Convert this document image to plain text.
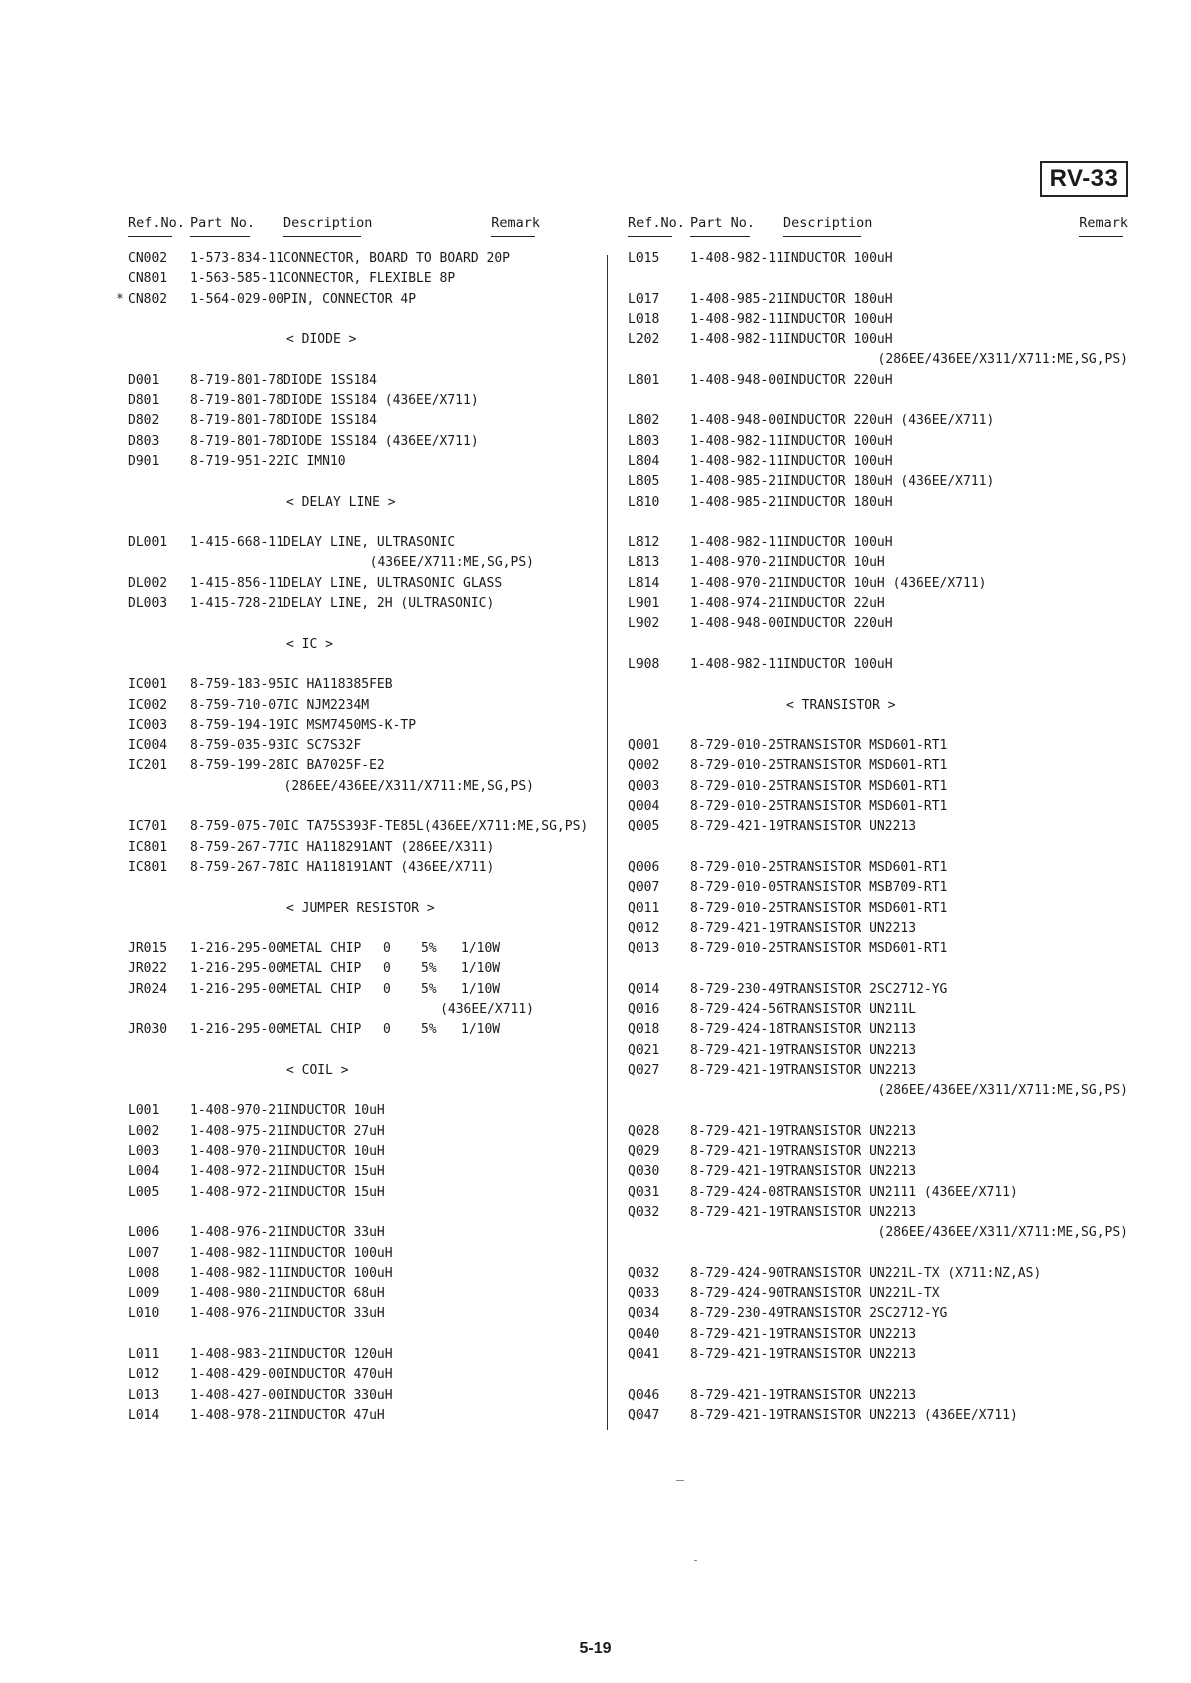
RV-33
Ref.No. Part No. Description	Remark
CN002	1-573-834-11 CONNECTOR, BOARD TO BOARD 20P
CN801	1-563-585-11 CONNECTOR, FLEXIBLE 8P
* CN802	1-564-029-00 PIN, CONNECTOR 4P
< DIODE >
D001	8-719-801-78 DIODE 1SS184
D801	8-719-801-78 DIODE 1SS184 (436EE/X711)
D802	8-719-801-78 DIODE 1SS184
D803	8-719-801-78 DIODE 1SS184 (436EE/X711)
D901	8-719-951-22 IC IMN10
< DELAY LINE >
DL001	1-415-668-11 DELAY LINE, ULTRASONIC
(436EE/X711:ME,SG,PS)
DL002	1-415-856-11 DELAY LINE, ULTRASONIC GLASS
DL003	1-415-728-21 DELAY LINE, 2H (ULTRASONIC)
< IC >
IC001	8-759-183-95 IC HA118385FEB
IC002	8-759-710-07 IC NJM2234M
IC003	8-759-194-19 IC MSM7450MS-K-TP
IC004	8-759-035-93 IC SC7S32F
IC201	8-759-199-28 IC BA7025F-E2
(286EE/436EE/X311/X711:ME,SG,PS)
IC701	8-759-075-70 IC TA75S393F-TE85L(436EE/X711:ME,SG,PS)
IC801	8-759-267-77 IC HA118291ANT (286EE/X311)
IC801	8-759-267-78 IC HA118191ANT (436EE/X711)
< JUMPER RESISTOR >
JR015	1-216-295-00 METAL CHIP 0 5% 1/10W
JR022	1-216-295-00 METAL CHIP 0 5% 1/10W
JR024	1-216-295-00 METAL CHIP 0 5% 1/10W
(436EE/X711)
JR030	1-216-295-00 METAL CHIP 0 5% 1/10W
< COIL >
L001	1-408-970-21 INDUCTOR 10uH
L002	1-408-975-21 INDUCTOR 27uH
L003	1-408-970-21 INDUCTOR 10uH
L004	1-408-972-21 INDUCTOR 15uH
L005	1-408-972-21 INDUCTOR 15uH
L006	1-408-976-21 INDUCTOR 33uH
L007	1-408-982-11 INDUCTOR 100uH
L008	1-408-982-11 INDUCTOR 100uH
L009	1-408-980-21 INDUCTOR 68uH
L010	1-408-976-21 INDUCTOR 33uH
L011	1-408-983-21 INDUCTOR 120uH
L012	1-408-429-00 INDUCTOR 470uH
L013	1-408-427-00 INDUCTOR 330uH
L014	1-408-978-21 INDUCTOR 47uH
Ref.No. Part No. Description	Remark
L015	1-408-982-11 INDUCTOR 100uH
L017	1-408-985-21 INDUCTOR 180uH
L018	1-408-982-11 INDUCTOR 100uH
L202	1-408-982-11 INDUCTOR 100uH
(286EE/436EE/X311/X711:ME,SG,PS)
L801	1-408-948-00 INDUCTOR 220uH
L802	1-408-948-00 INDUCTOR 220uH (436EE/X711)
L803	1-408-982-11 INDUCTOR 100uH
L804	1-408-982-11 INDUCTOR 100uH
L805	1-408-985-21 INDUCTOR 180uH (436EE/X711)
L810	1-408-985-21 INDUCTOR 180uH
L812	1-408-982-11 INDUCTOR 100uH
L813	1-408-970-21 INDUCTOR 10uH
L814	1-408-970-21 INDUCTOR 10uH (436EE/X711)
L901	1-408-974-21 INDUCTOR 22uH
L902	1-408-948-00 INDUCTOR 220uH
L908	1-408-982-11 INDUCTOR 100uH
< TRANSISTOR >
Q001	8-729-010-25 TRANSISTOR MSD601-RT1
Q002	8-729-010-25 TRANSISTOR MSD601-RT1
Q003	8-729-010-25 TRANSISTOR MSD601-RT1
Q004	8-729-010-25 TRANSISTOR MSD601-RT1
Q005	8-729-421-19 TRANSISTOR UN2213
Q006	8-729-010-25 TRANSISTOR MSD601-RT1
Q007	8-729-010-05 TRANSISTOR MSB709-RT1
Q011	8-729-010-25 TRANSISTOR MSD601-RT1
Q012	8-729-421-19 TRANSISTOR UN2213
Q013	8-729-010-25 TRANSISTOR MSD601-RT1
Q014	8-729-230-49 TRANSISTOR 2SC2712-YG
Q016	8-729-424-56 TRANSISTOR UN211L
Q018	8-729-424-18 TRANSISTOR UN2113
Q021	8-729-421-19 TRANSISTOR UN2213
Q027	8-729-421-19 TRANSISTOR UN2213
(286EE/436EE/X311/X711:ME,SG,PS)
Q028	8-729-421-19 TRANSISTOR UN2213
Q029	8-729-421-19 TRANSISTOR UN2213
Q030	8-729-421-19 TRANSISTOR UN2213
Q031	8-729-424-08 TRANSISTOR UN2111 (436EE/X711)
Q032	8-729-421-19 TRANSISTOR UN2213
(286EE/436EE/X311/X711:ME,SG,PS)
Q032	8-729-424-90 TRANSISTOR UN221L-TX (X711:NZ,AS)
Q033	8-729-424-90 TRANSISTOR UN221L-TX
Q034	8-729-230-49 TRANSISTOR 2SC2712-YG
Q040	8-729-421-19 TRANSISTOR UN2213
Q041	8-729-421-19 TRANSISTOR UN2213
Q046	8-729-421-19 TRANSISTOR UN2213
Q047	8-729-421-19 TRANSISTOR UN2213 (436EE/X711)
5-19
